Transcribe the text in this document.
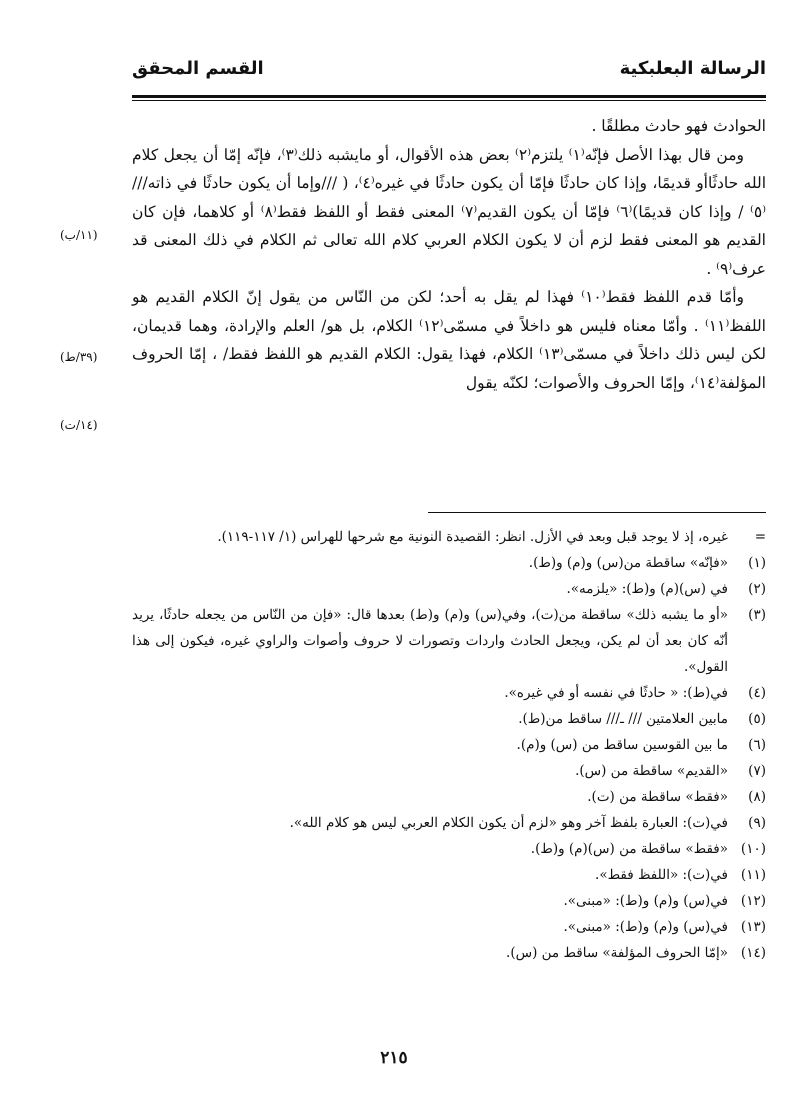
الرسالة البعلبكية
القسم المحقق

الحوادث فهو حادث مطلقًا .

ومن قال بهذا الأصل فإنّه⁽١⁾ يلتزم⁽٢⁾ بعض هذه الأقوال، أو مايشبه ذلك⁽٣⁾، فإنّه إمّا أن يجعل كلام الله حادثًاأو قديمًا، وإذا كان حادثًا فإمّا أن يكون حادثًا في غيره⁽٤⁾، ( ///وإما أن يكون حادثًا في ذاته///⁽٥⁾ / وإذا كان قديمًا)⁽٦⁾ فإمّا أن يكون القديم⁽٧⁾ المعنى فقط أو اللفظ فقط⁽٨⁾ أو كلاهما، فإن كان القديم هو المعنى فقط لزم أن لا يكون الكلام العربي كلام الله تعالى ثم الكلام في ذلك المعنى قد عرف⁽٩⁾ .

وأمّا قدم اللفظ فقط⁽١٠⁾ فهذا لم يقل به أحد؛ لكن من النّاس من يقول إنّ الكلام القديم هو اللفظ⁽١١⁾ . وأمّا معناه فليس هو داخلاً في مسمّى⁽١٢⁾ الكلام، بل هو/ العلم والإرادة، وهما قديمان، لكن ليس ذلك داخلاً في مسمّى⁽١٣⁾ الكلام، فهذا يقول: الكلام القديم هو اللفظ فقط/ ، إمّا الحروف المؤلفة⁽١٤⁾، وإمّا الحروف والأصوات؛ لكنّه يقول

(١١/ب)
(٣٩/ط)
(١٤/ت)
=
غيره، إذ لا يوجد قبل وبعد في الأزل. انظر: القصيدة النونية مع شرحها للهراس (١/ ١١٧-١١٩).
(١)
«فإنّه» ساقطة من(س) و(م) و(ط).
(٢)
في (س)(م) و(ط): «يلزمه».
(٣)
«أو ما يشبه ذلك» ساقطة من(ت)، وفي(س) و(م) و(ط) بعدها قال: «فإن من النّاس من يجعله حادثًا، يريد أنّه كان بعد أن لم يكن، ويجعل الحادث واردات وتصورات لا حروف وأصوات والراوي غيره، فيكون إلى هذا القول».
(٤)
في(ط): « حادثًا في نفسه أو في غيره».
(٥)
مابين العلامتين /// ـ/// ساقط من(ط).
(٦)
ما بين القوسين ساقط من (س) و(م).
(٧)
«القديم» ساقطة من (س).
(٨)
«فقط» ساقطة من (ت).
(٩)
في(ت): العبارة بلفظ آخر وهو «لزم أن يكون الكلام العربي ليس هو كلام الله».
(١٠)
«فقط» ساقطة من (س)(م) و(ط).
(١١)
في(ت): «اللفظ فقط».
(١٢)
في(س) و(م) و(ط): «مبنى».
(١٣)
في(س) و(م) و(ط): «مبنى».
(١٤)
«إمّا الحروف المؤلفة» ساقط من (س).
٢١٥
